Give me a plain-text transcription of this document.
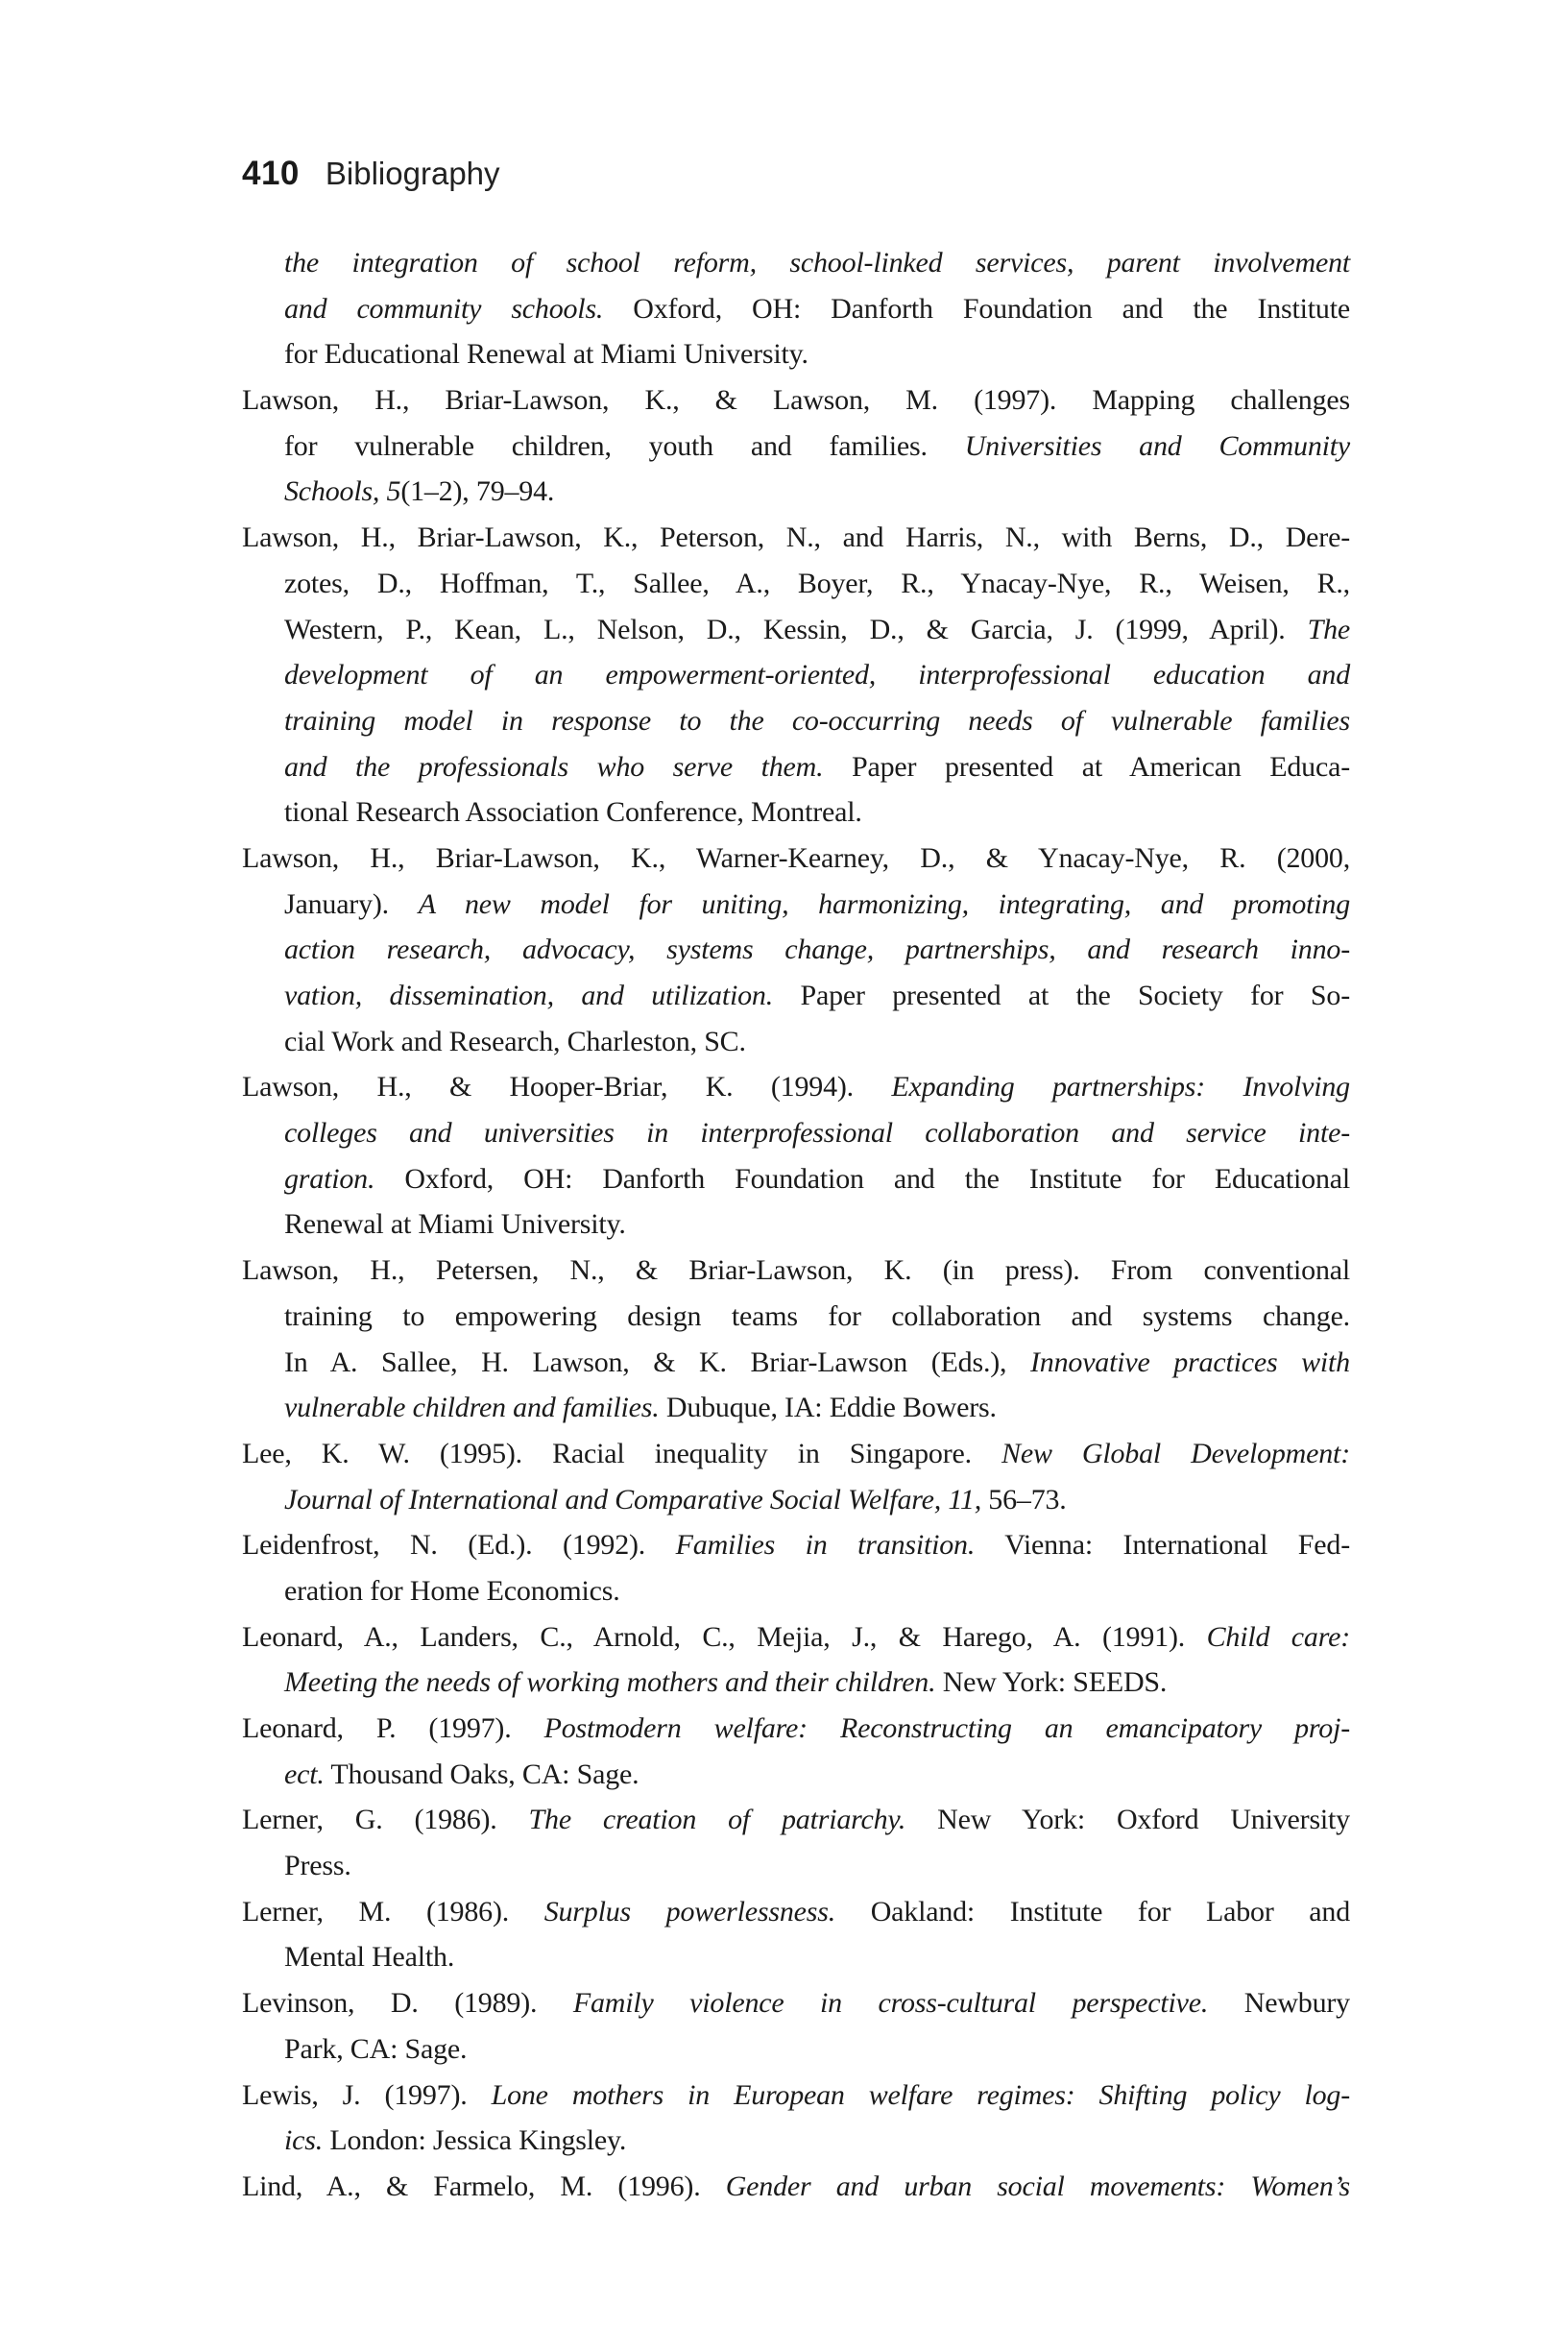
410 Bibliography
the integration of school reform, school-linked services, parent involvement
and community schools. Oxford, OH: Danforth Foundation and the Institute
for Educational Renewal at Miami University.
Lawson, H., Briar-Lawson, K., & Lawson, M. (1997). Mapping challenges
for vulnerable children, youth and families. Universities and Community
Schools, 5(1–2), 79–94.
Lawson, H., Briar-Lawson, K., Peterson, N., and Harris, N., with Berns, D., Dere-
zotes, D., Hoffman, T., Sallee, A., Boyer, R., Ynacay-Nye, R., Weisen, R.,
Western, P., Kean, L., Nelson, D., Kessin, D., & Garcia, J. (1999, April). The
development of an empowerment-oriented, interprofessional education and
training model in response to the co-occurring needs of vulnerable families
and the professionals who serve them. Paper presented at American Educa-
tional Research Association Conference, Montreal.
Lawson, H., Briar-Lawson, K., Warner-Kearney, D., & Ynacay-Nye, R. (2000,
January). A new model for uniting, harmonizing, integrating, and promoting
action research, advocacy, systems change, partnerships, and research inno-
vation, dissemination, and utilization. Paper presented at the Society for So-
cial Work and Research, Charleston, SC.
Lawson, H., & Hooper-Briar, K. (1994). Expanding partnerships: Involving
colleges and universities in interprofessional collaboration and service inte-
gration. Oxford, OH: Danforth Foundation and the Institute for Educational
Renewal at Miami University.
Lawson, H., Petersen, N., & Briar-Lawson, K. (in press). From conventional
training to empowering design teams for collaboration and systems change.
In A. Sallee, H. Lawson, & K. Briar-Lawson (Eds.), Innovative practices with
vulnerable children and families. Dubuque, IA: Eddie Bowers.
Lee, K. W. (1995). Racial inequality in Singapore. New Global Development:
Journal of International and Comparative Social Welfare, 11, 56–73.
Leidenfrost, N. (Ed.). (1992). Families in transition. Vienna: International Fed-
eration for Home Economics.
Leonard, A., Landers, C., Arnold, C., Mejia, J., & Harego, A. (1991). Child care:
Meeting the needs of working mothers and their children. New York: SEEDS.
Leonard, P. (1997). Postmodern welfare: Reconstructing an emancipatory proj-
ect. Thousand Oaks, CA: Sage.
Lerner, G. (1986). The creation of patriarchy. New York: Oxford University
Press.
Lerner, M. (1986). Surplus powerlessness. Oakland: Institute for Labor and
Mental Health.
Levinson, D. (1989). Family violence in cross-cultural perspective. Newbury
Park, CA: Sage.
Lewis, J. (1997). Lone mothers in European welfare regimes: Shifting policy log-
ics. London: Jessica Kingsley.
Lind, A., & Farmelo, M. (1996). Gender and urban social movements: Women’s
